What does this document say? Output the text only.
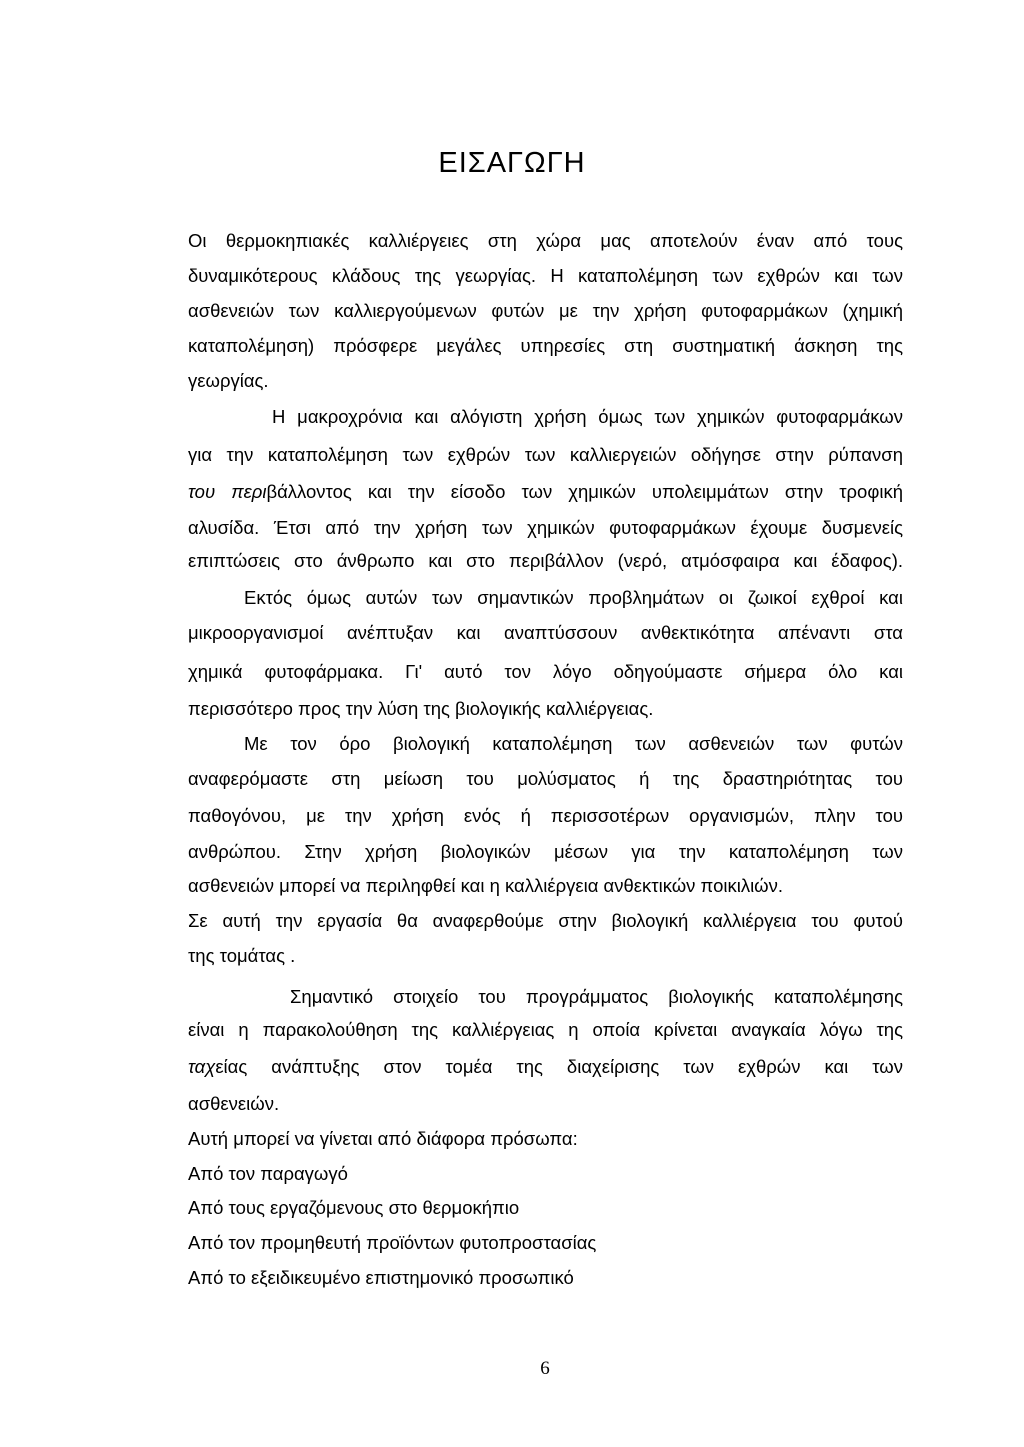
ΕΙΣΑΓΩΓΗ

Οι θερμοκηπιακές καλλιέργειες στη χώρα μας αποτελούν έναν από τους

δυναμικότερους κλάδους της γεωργίας. Η καταπολέμηση των εχθρών και των

ασθενειών των καλλιεργούμενων φυτών με την χρήση φυτοφαρμάκων (χημική

καταπολέμηση) πρόσφερε μεγάλες υπηρεσίες στη συστηματική άσκηση της

γεωργίας.

Η μακροχρόνια και αλόγιστη χρήση όμως των χημικών φυτοφαρμάκων

για την καταπολέμηση των εχθρών των καλλιεργειών οδήγησε στην ρύπανση

του περιβάλλοντος και την είσοδο των χημικών υπολειμμάτων στην τροφική

αλυσίδα. Έτσι από την χρήση των χημικών φυτοφαρμάκων έχουμε δυσμενείς

επιπτώσεις στο άνθρωπο και στο περιβάλλον (νερό, ατμόσφαιρα και έδαφος).

Εκτός όμως αυτών των σημαντικών προβλημάτων οι ζωικοί εχθροί και

μικροοργανισμοί ανέπτυξαν και αναπτύσσουν ανθεκτικότητα απέναντι στα

χημικά φυτοφάρμακα. Γι' αυτό τον λόγο οδηγούμαστε σήμερα όλο και

περισσότερο προς την λύση της βιολογικής καλλιέργειας.

Με τον όρο βιολογική καταπολέμηση των ασθενειών των φυτών

αναφερόμαστε στη μείωση του μολύσματος ή της δραστηριότητας του

παθογόνου, με την χρήση ενός ή περισσοτέρων οργανισμών, πλην του

ανθρώπου. Στην χρήση βιολογικών μέσων για την καταπολέμηση των

ασθενειών μπορεί να περιληφθεί και η καλλιέργεια ανθεκτικών ποικιλιών.

Σε αυτή την εργασία θα αναφερθούμε στην βιολογική καλλιέργεια του φυτού

της τομάτας .

Σημαντικό στοιχείο του προγράμματος βιολογικής καταπολέμησης

είναι η παρακολούθηση της καλλιέργειας η οποία κρίνεται αναγκαία λόγω της

ταχείας ανάπτυξης στον τομέα της διαχείρισης των εχθρών και των

ασθενειών.

Αυτή μπορεί να γίνεται από διάφορα πρόσωπα:

Από τον παραγωγό

Από τους εργαζόμενους στο θερμοκήπιο

Από τον προμηθευτή προϊόντων φυτοπροστασίας

Από το εξειδικευμένο επιστημονικό προσωπικό

6
